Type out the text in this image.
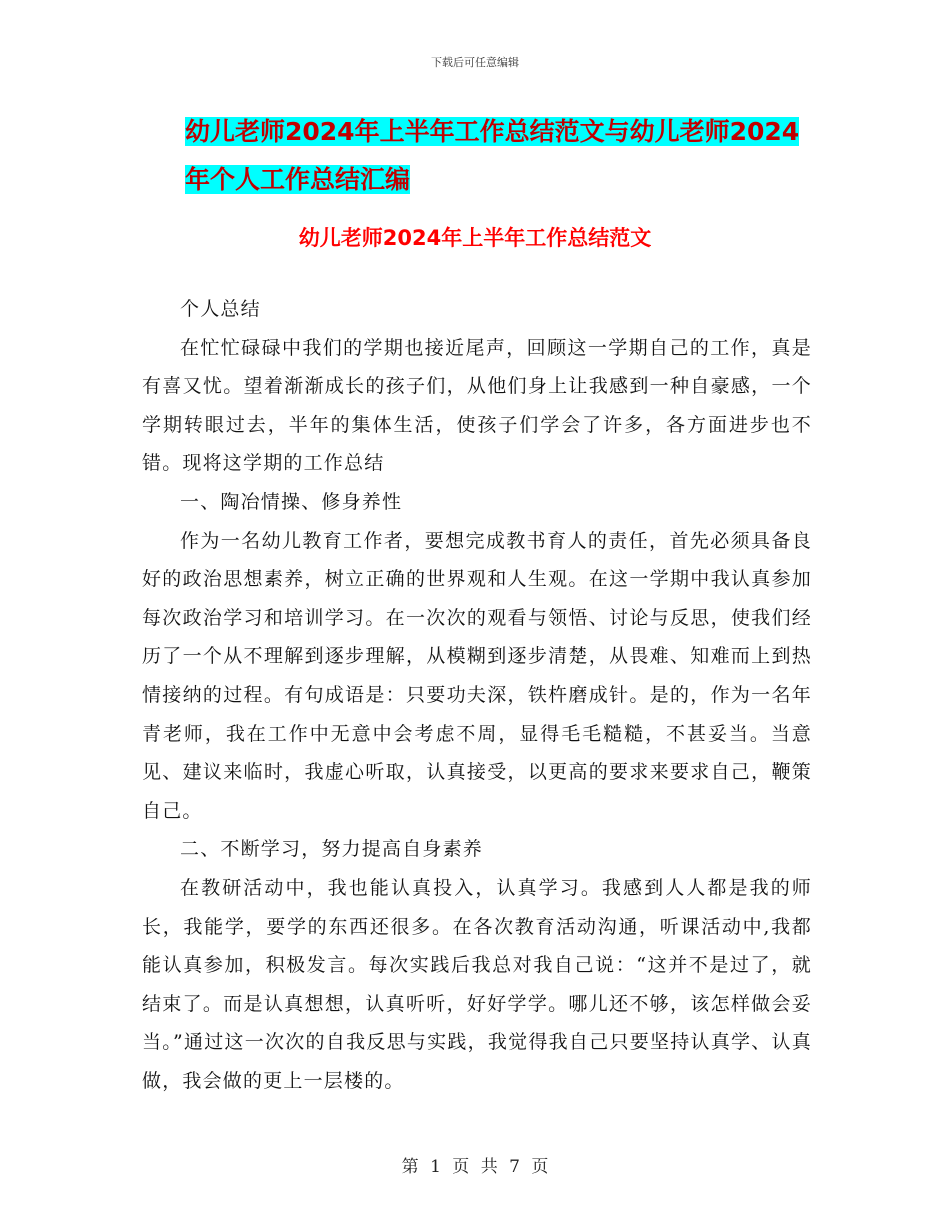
下载后可任意编辑
幼儿老师2024年上半年工作总结范文与幼儿老师2024
年个人工作总结汇编
幼儿老师2024年上半年工作总结范文

个人总结

在忙忙碌碌中我们的学期也接近尾声，回顾这一学期自己的工作，真是有喜又忧。望着渐渐成长的孩子们，从他们身上让我感到一种自豪感，一个学期转眼过去，半年的集体生活，使孩子们学会了许多，各方面进步也不错。现将这学期的工作总结

一、陶冶情操、修身养性

作为一名幼儿教育工作者，要想完成教书育人的责任，首先必须具备良好的政治思想素养，树立正确的世界观和人生观。在这一学期中我认真参加每次政治学习和培训学习。在一次次的观看与领悟、讨论与反思，使我们经历了一个从不理解到逐步理解，从模糊到逐步清楚，从畏难、知难而上到热情接纳的过程。有句成语是：只要功夫深，铁杵磨成针。是的，作为一名年青老师，我在工作中无意中会考虑不周，显得毛毛糙糙，不甚妥当。当意见、建议来临时，我虚心听取，认真接受，以更高的要求来要求自己，鞭策自己。

二、不断学习，努力提高自身素养

在教研活动中，我也能认真投入，认真学习。我感到人人都是我的师长，我能学，要学的东西还很多。在各次教育活动沟通，听课活动中,我都能认真参加，积极发言。每次实践后我总对我自己说：“这并不是过了，就结束了。而是认真想想，认真听听，好好学学。哪儿还不够，该怎样做会妥当。”通过这一次次的自我反思与实践，我觉得我自己只要坚持认真学、认真做，我会做的更上一层楼的。

第 1 页 共 7 页
